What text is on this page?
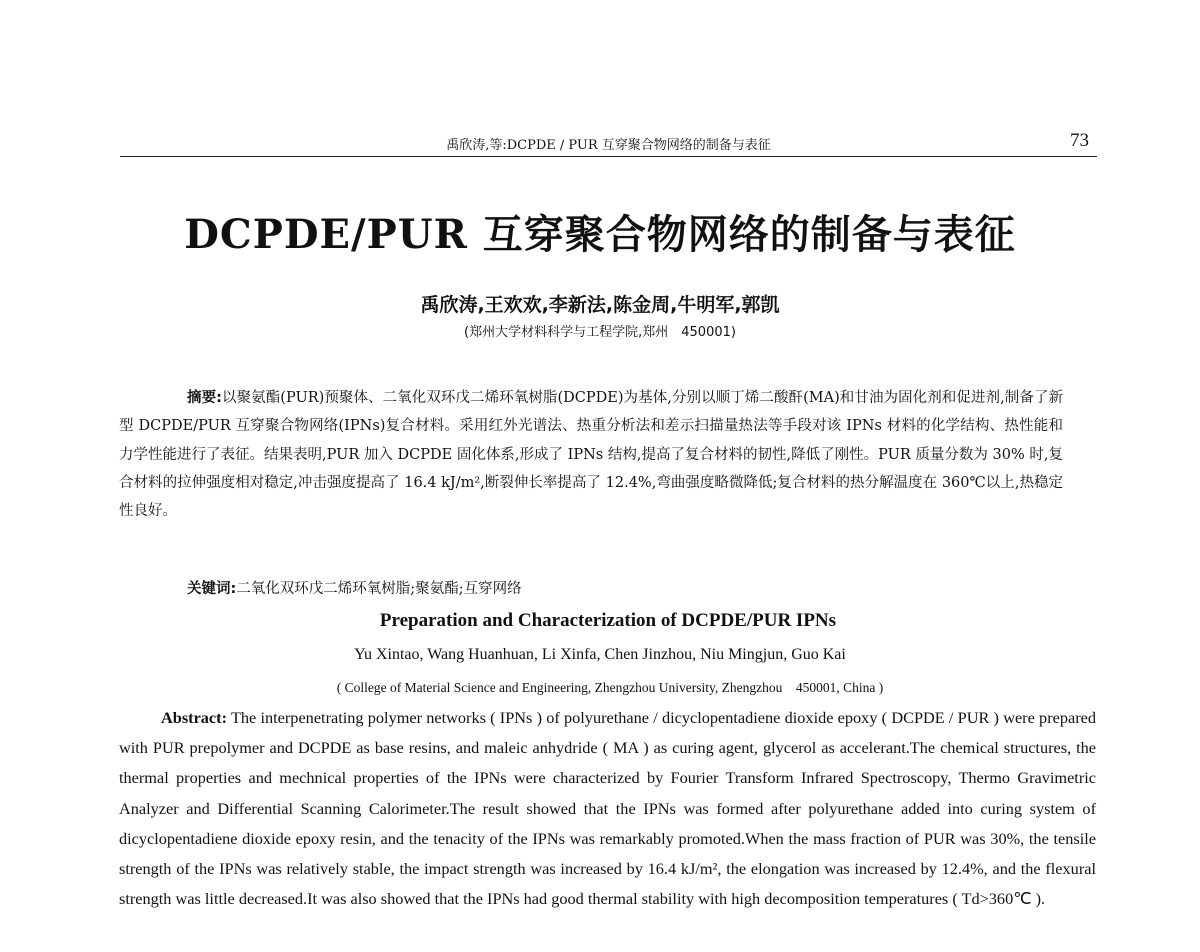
禹欣涛,等:DCPDE / PUR 互穿聚合物网络的制备与表征	73
DCPDE/PUR 互穿聚合物网络的制备与表征
禹欣涛,王欢欢,李新法,陈金周,牛明军,郭凯
(郑州大学材料科学与工程学院,郑州　450001)
摘要:以聚氨酯(PUR)预聚体、二氧化双环戊二烯环氧树脂(DCPDE)为基体,分别以顺丁烯二酸酐(MA)和甘油为固化剂和促进剂,制备了新型 DCPDE/PUR 互穿聚合物网络(IPNs)复合材料。采用红外光谱法、热重分析法和差示扫描量热法等手段对该 IPNs 材料的化学结构、热性能和力学性能进行了表征。结果表明,PUR 加入 DCPDE 固化体系,形成了 IPNs 结构,提高了复合材料的韧性,降低了刚性。PUR 质量分数为 30% 时,复合材料的拉伸强度相对稳定,冲击强度提高了 16.4 kJ/m²,断裂伸长率提高了 12.4%,弯曲强度略微降低;复合材料的热分解温度在 360℃以上,热稳定性良好。
关键词:二氧化双环戊二烯环氧树脂;聚氨酯;互穿网络
Preparation and Characterization of DCPDE/PUR IPNs
Yu Xintao, Wang Huanhuan, Li Xinfa, Chen Jinzhou, Niu Mingjun, Guo Kai
( College of Material Science and Engineering, Zhengzhou University, Zhengzhou　450001, China )
Abstract: The interpenetrating polymer networks ( IPNs ) of polyurethane / dicyclopentadiene dioxide epoxy ( DCPDE / PUR ) were prepared with PUR prepolymer and DCPDE as base resins, and maleic anhydride ( MA ) as curing agent, glycerol as accelerant.The chemical structures, the thermal properties and mechnical properties of the IPNs were characterized by Fourier Transform Infrared Spectroscopy, Thermo Gravimetric Analyzer and Differential Scanning Calorimeter.The result showed that the IPNs was formed after polyurethane added into curing system of dicyclopentadiene dioxide epoxy resin, and the tenacity of the IPNs was remarkably promoted.When the mass fraction of PUR was 30%, the tensile strength of the IPNs was relatively stable, the impact strength was increased by 16.4 kJ/m², the elongation was increased by 12.4%, and the flexural strength was little decreased.It was also showed that the IPNs had good thermal stability with high decomposition temperatures ( Td>360℃ ).
